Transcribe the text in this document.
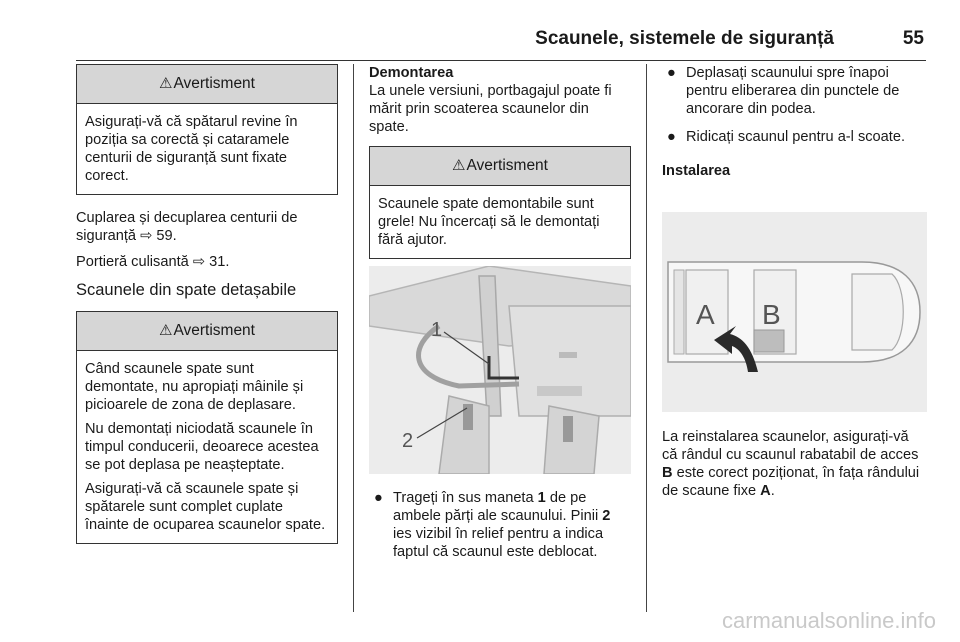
Scaunele, sistemele de siguranță	55
⚠ Avertisment

Asigurați-vă că spătarul revine în poziția sa corectă și cataramele centurii de siguranță sunt fixate corect.

Cuplarea și decuplarea centurii de siguranță ⇨ 59.

Portieră culisantă ⇨ 31.

Scaunele din spate detașabile
⚠ Avertisment

Când scaunele spate sunt demontate, nu apropiați mâinile și picioarele de zona de deplasare.

Nu demontați niciodată scaunele în timpul conducerii, deoarece acestea se pot deplasa pe neașteptate.

Asigurați-vă că scaunele spate și spătarele sunt complet cuplate înainte de ocuparea scaunelor spate.

Demontarea

La unele versiuni, portbagajul poate fi mărit prin scoaterea scaunelor din spate.

⚠ Avertisment

Scaunele spate demontabile sunt grele! Nu încercați să le demontați fără ajutor.

1
2
● Trageți în sus maneta 1 de pe ambele părți ale scaunului. Pinii 2 ies vizibil în relief pentru a indica faptul că scaunul este deblocat.
● Deplasați scaunului spre înapoi pentru eliberarea din punctele de ancorare din podea.
● Ridicați scaunul pentru a-l scoate.

Instalarea

A B
La reinstalarea scaunelor, asigurați-vă că rândul cu scaunul rabatabil de acces B este corect poziționat, în fața rândului de scaune fixe A.
carmanualsonline.info
